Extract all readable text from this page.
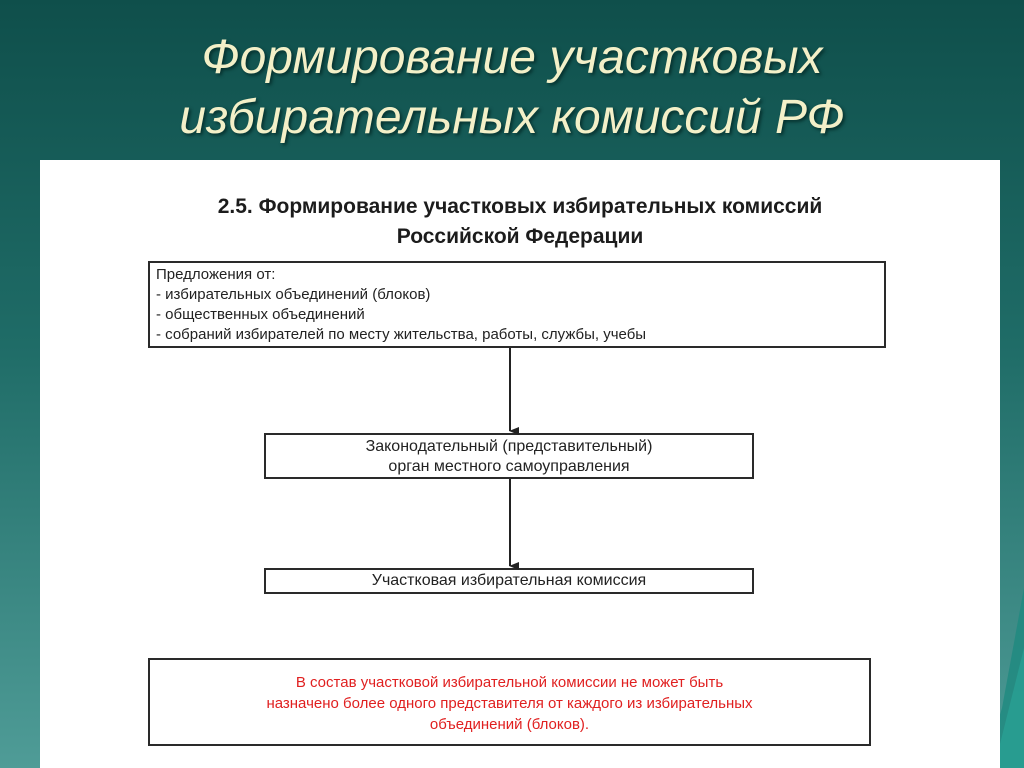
Формирование участковых
избирательных комиссий РФ
2.5. Формирование участковых избирательных комиссий
Российской Федерации
Предложения от:
- избирательных объединений (блоков)
- общественных объединений
- собраний избирателей по месту жительства, работы, службы, учебы
Законодательный (представительный)
орган местного самоуправления
Участковая избирательная комиссия
В состав участковой избирательной комиссии не может быть
назначено более одного представителя от каждого из избирательных
объединений (блоков).
